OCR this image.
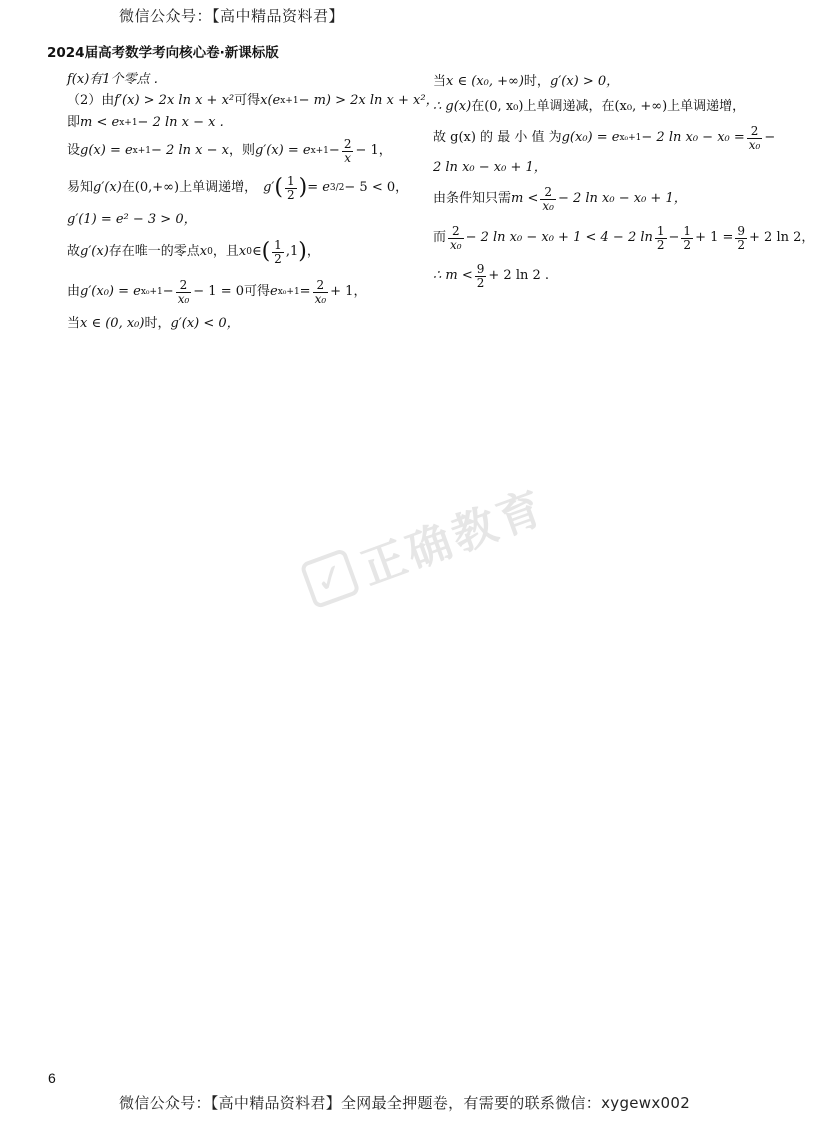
微信公众号：【高中精品资料君】
2024届高考数学考向核心卷·新课标版
f(x)有1个零点 .
（2）由 f′(x) > 2x ln x + x² 可得 x(e x+1 − m) > 2x ln x + x²，
即 m < e x+1 − 2 ln x − x .
设 g(x) = e x+1 − 2 ln x − x ，则 g′(x) = e $x+1 - \frac{2}{x} - 1$，
易知 g′(x) 在 (0,+∞) 上单调递增， g′ ( $\frac{1}{2}$ ) = e 3/2 − 5 < 0，
g′(1) = e² − 3 > 0，
故 g′(x) 存在唯一的零点 x 0 ，且 x 0 ∈ ( $\frac{1}{2} ,1$ ) ，
由 g′(x₀) = e $x_0+1 - \frac{2}{\text{x₀}} - 1 = 0$ 可得 e $x_0+1 = \frac{2}{\text{x₀}} + 1$，
当 x ∈ (0, x₀) 时， g′(x) < 0，
当 x ∈ (x₀, +∞) 时， g′(x) > 0，
∴ g(x) 在 (0, x₀) 上单调递减，在 (x₀, +∞) 上单调递增，
故 g(x) 的 最 小 值 为 g(x₀) = e x₀+1 − 2 $\ln x_0 - x_0 = \frac{2}{\text{x₀}}$ −
2 ln x₀ − x₀ + 1，
由条件知只需 $m < \frac{2}{\text{x₀}} - 2$ ln x₀ − x₀ + 1，
而 $\frac{2}{\text{x₀}} - 2$ ln x₀ − x₀ + 1 < 4 − 2 $\ln \frac{1}{2} - \frac{1}{2} + 1 = \frac{9}{2} + 2$ ln 2，
∴ $m < \frac{9}{2} + 2$ ln 2 .
✓ 正确教育
6
微信公众号：【高中精品资料君】全网最全押题卷，有需要的联系微信：xygewx002
